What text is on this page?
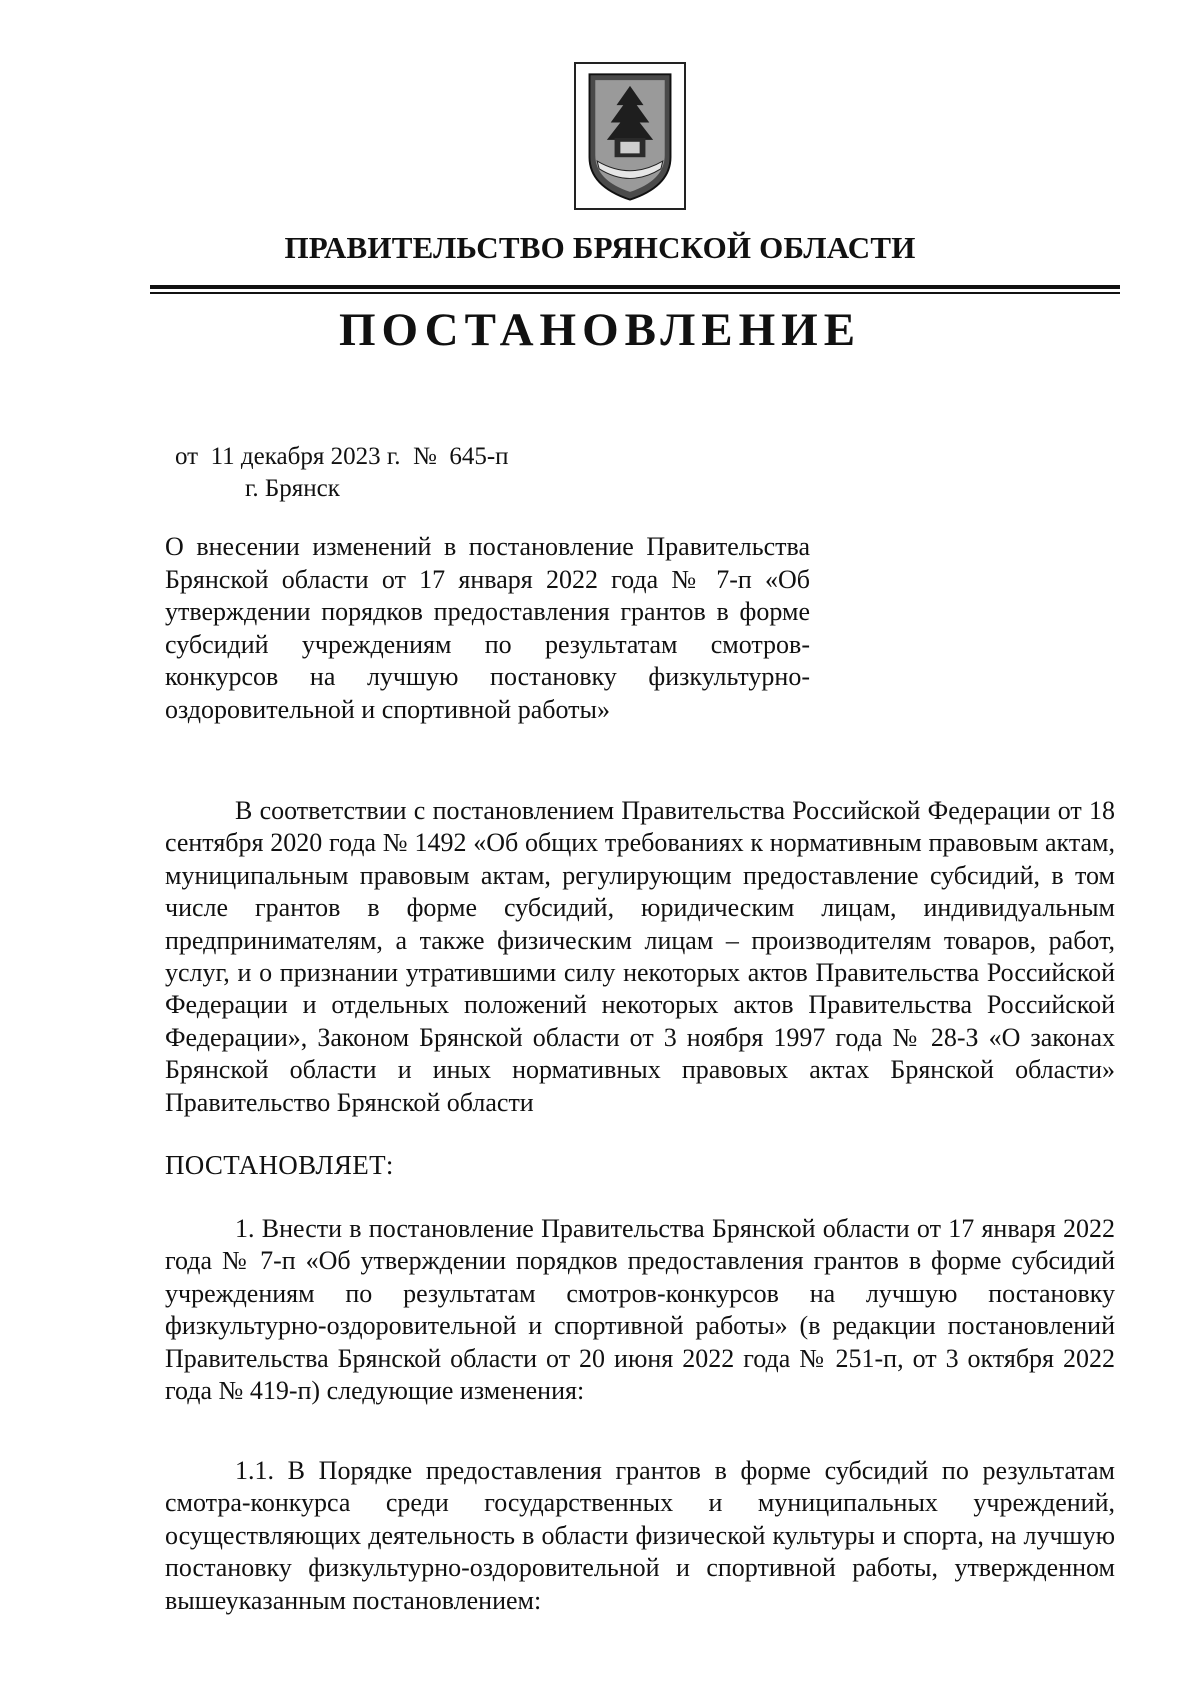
ПРАВИТЕЛЬСТВО БРЯНСКОЙ ОБЛАСТИ
ПОСТАНОВЛЕНИЕ
от  11 декабря 2023 г.  №  645-п
г. Брянск
О внесении изменений в постановление Правительства Брянской области от 17 января 2022 года № 7-п «Об утверждении порядков предоставления грантов в форме субсидий учреждениям по результатам смотров-конкурсов на лучшую постановку физкультурно-оздоровительной и спортивной работы»
В соответствии с постановлением Правительства Российской Федерации от 18 сентября 2020 года № 1492 «Об общих требованиях к нормативным правовым актам, муниципальным правовым актам, регулирующим предоставление субсидий, в том числе грантов в форме субсидий, юридическим лицам, индивидуальным предпринимателям, а также физическим лицам – производителям товаров, работ, услуг, и о признании утратившими силу некоторых актов Правительства Российской Федерации и отдельных положений некоторых актов Правительства Российской Федерации», Законом Брянской области от 3 ноября 1997 года № 28-З «О законах Брянской области и иных нормативных правовых актах Брянской области» Правительство Брянской области
ПОСТАНОВЛЯЕТ:
1. Внести в постановление Правительства Брянской области от 17 января 2022 года № 7-п «Об утверждении порядков предоставления грантов в форме субсидий учреждениям по результатам смотров-конкурсов на лучшую постановку физкультурно-оздоровительной и спортивной работы» (в редакции постановлений Правительства Брянской области от 20 июня 2022 года № 251-п, от 3 октября 2022 года № 419-п) следующие изменения:
1.1. В Порядке предоставления грантов в форме субсидий по результатам смотра-конкурса среди государственных и муниципальных учреждений, осуществляющих деятельность в области физической культуры и спорта, на лучшую постановку физкультурно-оздоровительной и спортивной работы, утвержденном вышеуказанным постановлением:
